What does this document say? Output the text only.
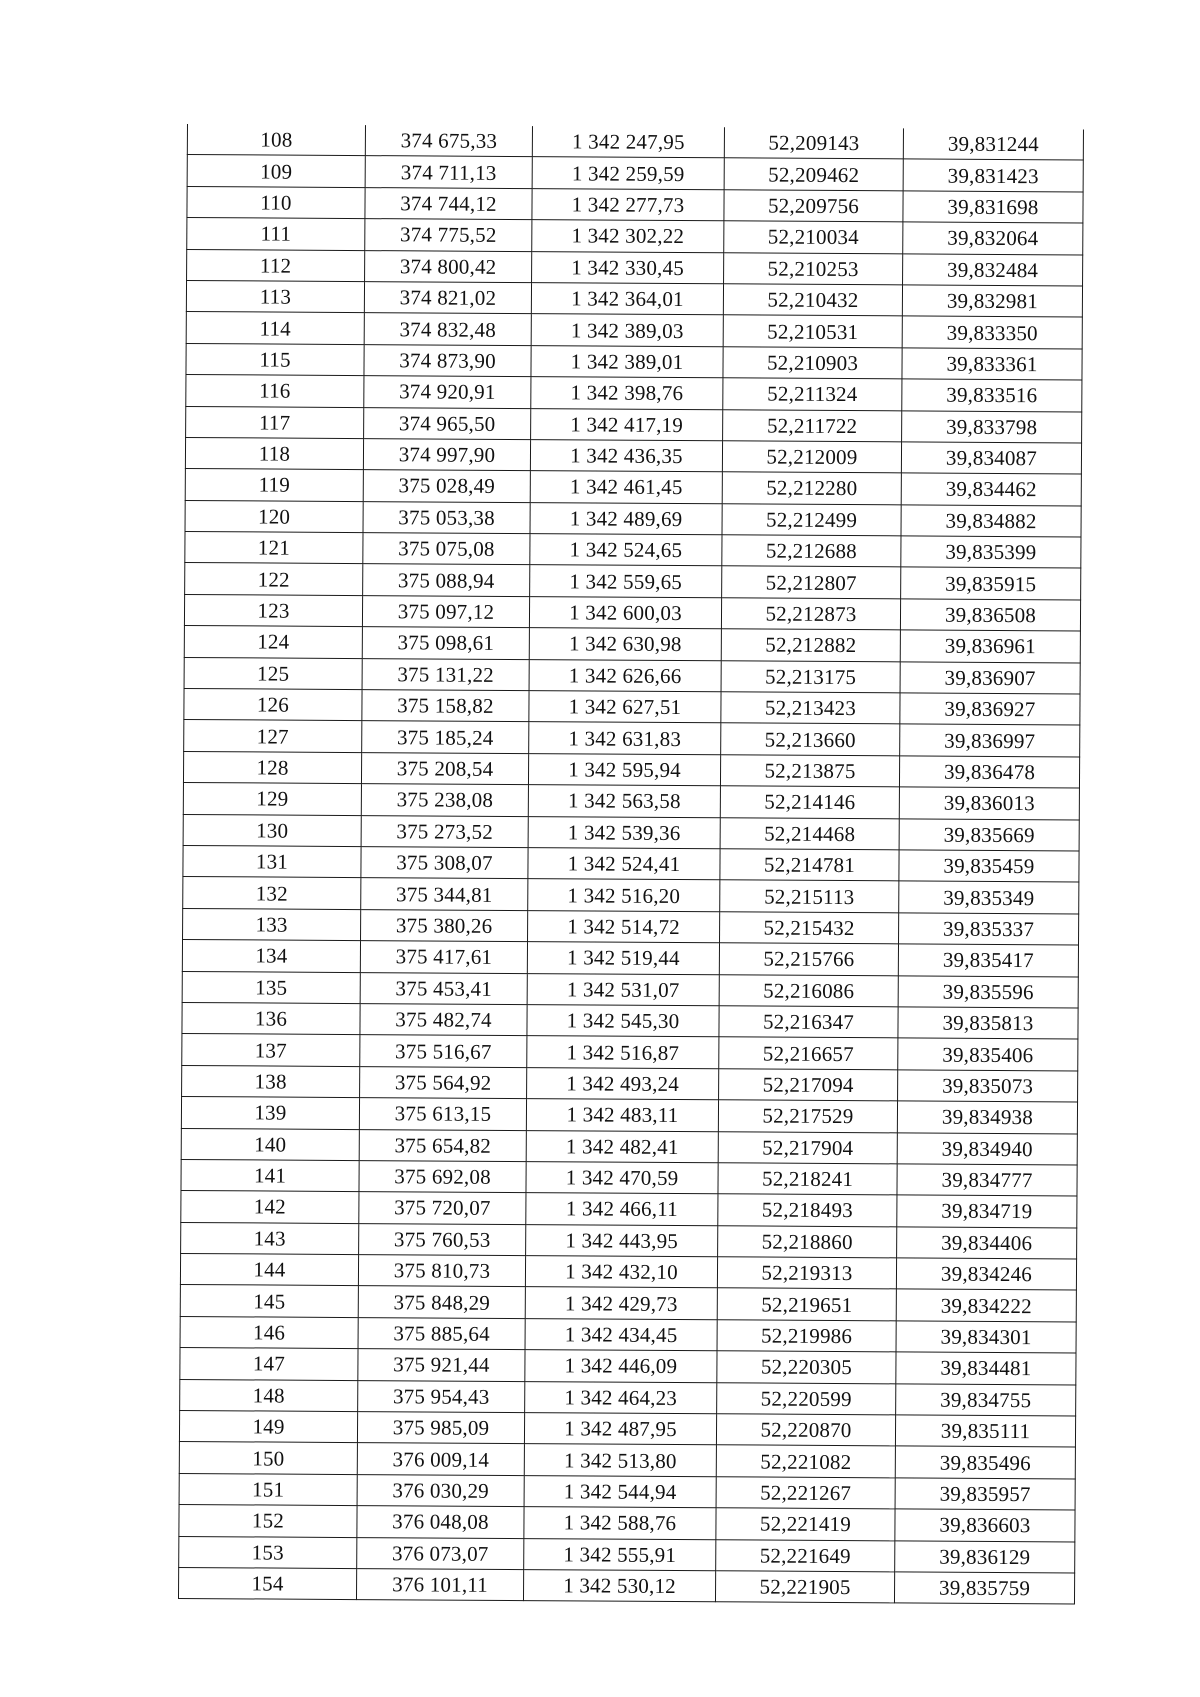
108	374 675,33	1 342 247,95	52,209143	39,831244
109	374 711,13	1 342 259,59	52,209462	39,831423
110	374 744,12	1 342 277,73	52,209756	39,831698
111	374 775,52	1 342 302,22	52,210034	39,832064
112	374 800,42	1 342 330,45	52,210253	39,832484
113	374 821,02	1 342 364,01	52,210432	39,832981
114	374 832,48	1 342 389,03	52,210531	39,833350
115	374 873,90	1 342 389,01	52,210903	39,833361
116	374 920,91	1 342 398,76	52,211324	39,833516
117	374 965,50	1 342 417,19	52,211722	39,833798
118	374 997,90	1 342 436,35	52,212009	39,834087
119	375 028,49	1 342 461,45	52,212280	39,834462
120	375 053,38	1 342 489,69	52,212499	39,834882
121	375 075,08	1 342 524,65	52,212688	39,835399
122	375 088,94	1 342 559,65	52,212807	39,835915
123	375 097,12	1 342 600,03	52,212873	39,836508
124	375 098,61	1 342 630,98	52,212882	39,836961
125	375 131,22	1 342 626,66	52,213175	39,836907
126	375 158,82	1 342 627,51	52,213423	39,836927
127	375 185,24	1 342 631,83	52,213660	39,836997
128	375 208,54	1 342 595,94	52,213875	39,836478
129	375 238,08	1 342 563,58	52,214146	39,836013
130	375 273,52	1 342 539,36	52,214468	39,835669
131	375 308,07	1 342 524,41	52,214781	39,835459
132	375 344,81	1 342 516,20	52,215113	39,835349
133	375 380,26	1 342 514,72	52,215432	39,835337
134	375 417,61	1 342 519,44	52,215766	39,835417
135	375 453,41	1 342 531,07	52,216086	39,835596
136	375 482,74	1 342 545,30	52,216347	39,835813
137	375 516,67	1 342 516,87	52,216657	39,835406
138	375 564,92	1 342 493,24	52,217094	39,835073
139	375 613,15	1 342 483,11	52,217529	39,834938
140	375 654,82	1 342 482,41	52,217904	39,834940
141	375 692,08	1 342 470,59	52,218241	39,834777
142	375 720,07	1 342 466,11	52,218493	39,834719
143	375 760,53	1 342 443,95	52,218860	39,834406
144	375 810,73	1 342 432,10	52,219313	39,834246
145	375 848,29	1 342 429,73	52,219651	39,834222
146	375 885,64	1 342 434,45	52,219986	39,834301
147	375 921,44	1 342 446,09	52,220305	39,834481
148	375 954,43	1 342 464,23	52,220599	39,834755
149	375 985,09	1 342 487,95	52,220870	39,835111
150	376 009,14	1 342 513,80	52,221082	39,835496
151	376 030,29	1 342 544,94	52,221267	39,835957
152	376 048,08	1 342 588,76	52,221419	39,836603
153	376 073,07	1 342 555,91	52,221649	39,836129
154	376 101,11	1 342 530,12	52,221905	39,835759
